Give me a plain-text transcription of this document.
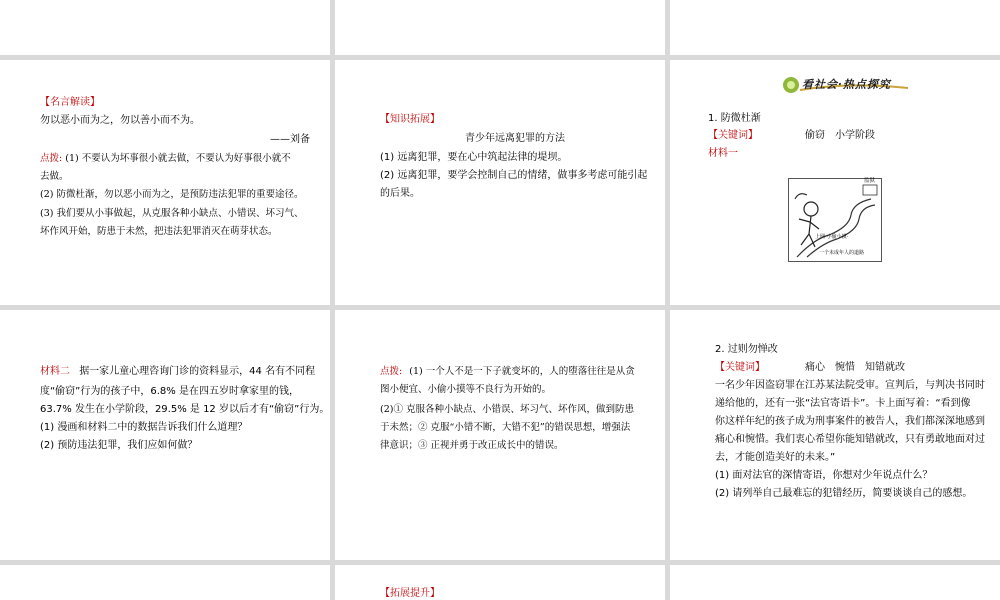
【名言解读】

勿以恶小而为之，勿以善小而不为。

——刘备

点拨: (1) 不要认为坏事很小就去做，不要认为好事很小就不

去做。

(2) 防微杜渐，勿以恶小而为之，是预防违法犯罪的重要途径。

(3) 我们要从小事做起，从克服各种小缺点、小错误、坏习气、

坏作风开始，防患于未然，把违法犯罪消灭在萌芽状态。

【知识拓展】

青少年远离犯罪的方法

(1) 远离犯罪，要在心中筑起法律的堤坝。

(2) 远离犯罪，要学会控制自己的情绪，做事多考虑可能引起

的后果。

看社会·热点探究

1. 防微杜渐

【关键词】	偷窃　小学阶段

材料一

监狱
上网·小偷小摸·
一个未成年人的道路

材料二 据一家儿童心理咨询门诊的资料显示，44 名有不同程

度“偷窃”行为的孩子中，6.8% 是在四五岁时拿家里的钱，

63.7% 发生在小学阶段，29.5% 是 12 岁以后才有“偷窃”行为。

(1) 漫画和材料二中的数据告诉我们什么道理？

(2) 预防违法犯罪，我们应如何做？

点拨: (1) 一个人不是一下子就变坏的，人的堕落往往是从贪

图小便宜、小偷小摸等不良行为开始的。

(2)① 克服各种小缺点、小错误、坏习气、坏作风，做到防患

于未然；② 克服“小错不断，大错不犯”的错误思想，增强法

律意识；③ 正视并勇于改正成长中的错误。

2. 过则勿惮改

【关键词】	痛心　惋惜　知错就改

一名少年因盗窃罪在江苏某法院受审。宣判后，与判决书同时

递给他的，还有一张“法官寄语卡”。卡上面写着：“看到像

你这样年纪的孩子成为刑事案件的被告人，我们都深深地感到

痛心和惋惜。我们衷心希望你能知错就改，只有勇敢地面对过

去，才能创造美好的未来。”

(1) 面对法官的深情寄语，你想对少年说点什么？

(2) 请列举自己最难忘的犯错经历，简要谈谈自己的感想。

【拓展提升】
